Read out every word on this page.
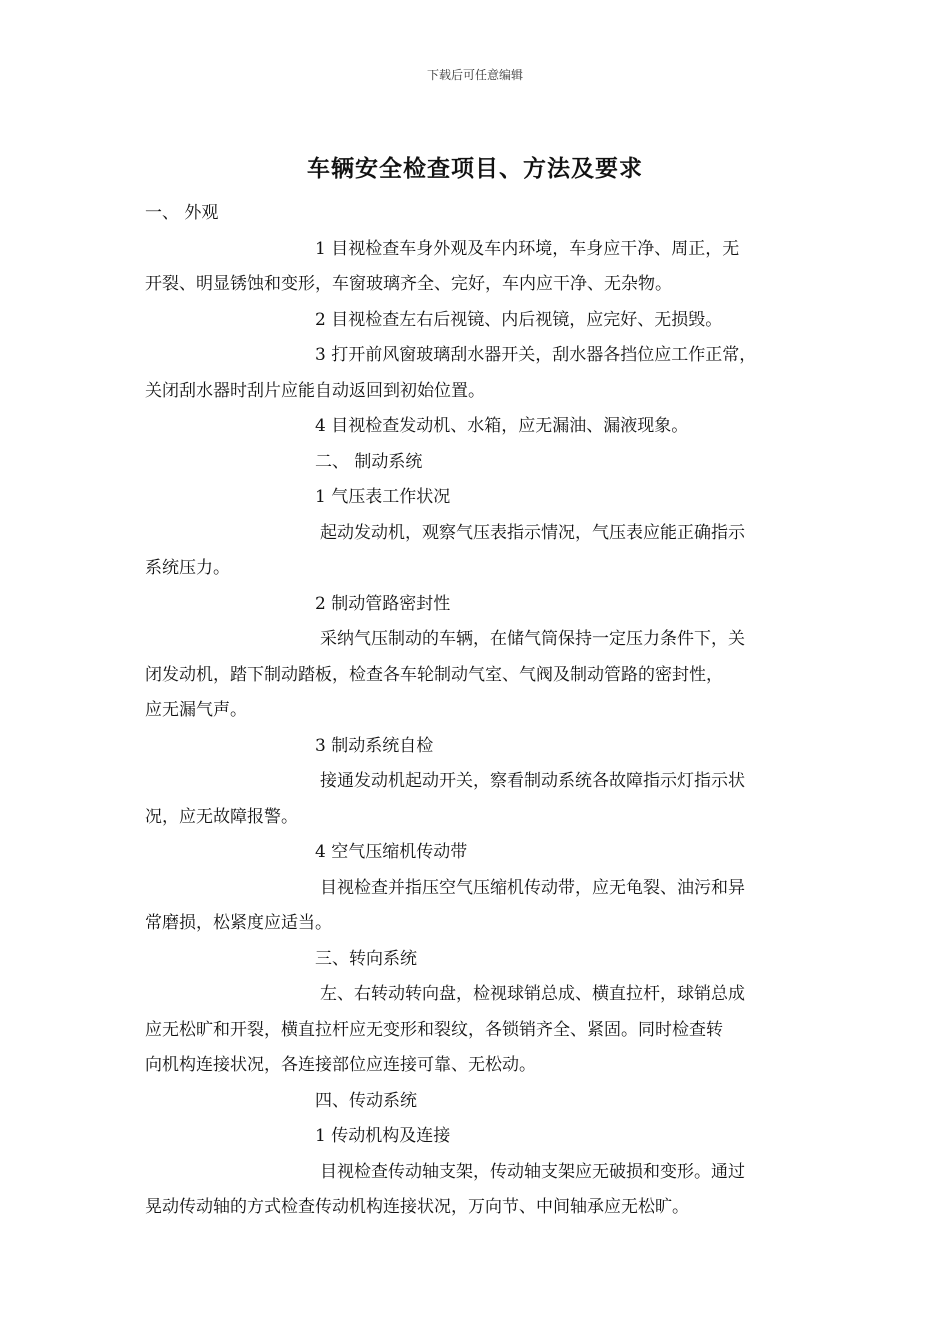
下载后可任意编辑
车辆安全检查项目、方法及要求
一、 外观
1 目视检查车身外观及车内环境，车身应干净、周正，无
开裂、明显锈蚀和变形，车窗玻璃齐全、完好，车内应干净、无杂物。
2 目视检查左右后视镜、内后视镜，应完好、无损毁。
3 打开前风窗玻璃刮水器开关，刮水器各挡位应工作正常，
关闭刮水器时刮片应能自动返回到初始位置。
4 目视检查发动机、水箱，应无漏油、漏液现象。
二、 制动系统
1 气压表工作状况
起动发动机，观察气压表指示情况，气压表应能正确指示
系统压力。
2 制动管路密封性
采纳气压制动的车辆，在储气筒保持一定压力条件下，关
闭发动机，踏下制动踏板，检查各车轮制动气室、气阀及制动管路的密封性，
应无漏气声。
3 制动系统自检
接通发动机起动开关，察看制动系统各故障指示灯指示状
况，应无故障报警。
4 空气压缩机传动带
目视检查并指压空气压缩机传动带，应无龟裂、油污和异
常磨损，松紧度应适当。
三、转向系统
左、右转动转向盘，检视球销总成、横直拉杆，球销总成
应无松旷和开裂，横直拉杆应无变形和裂纹，各锁销齐全、紧固。同时检查转
向机构连接状况，各连接部位应连接可靠、无松动。
四、传动系统
1 传动机构及连接
目视检查传动轴支架，传动轴支架应无破损和变形。通过
晃动传动轴的方式检查传动机构连接状况，万向节、中间轴承应无松旷。
